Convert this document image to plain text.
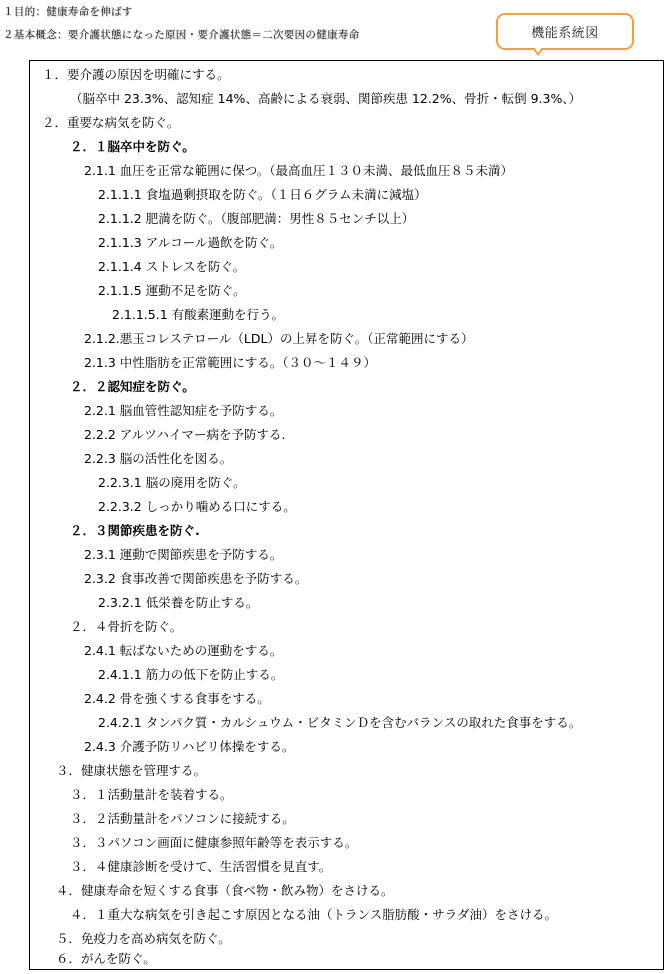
１目的：健康寿命を伸ばす
２基本概念：要介護状態になった原因・要介護状態＝二次要因の健康寿命	機能系統図
１．要介護の原因を明確にする。
（脳卒中 23.3%、認知症 14%、高齢による衰弱、関節疾患 12.2%、骨折・転倒 9.3%、）
２．重要な病気を防ぐ。
２．１脳卒中を防ぐ。
2.1.1 血圧を正常な範囲に保つ。（最高血圧１３０未満、最低血圧８５未満）
2.1.1.1 食塩過剰摂取を防ぐ。（１日６グラム未満に減塩）
2.1.1.2 肥満を防ぐ。（腹部肥満：男性８５センチ以上）
2.1.1.3 アルコール過飲を防ぐ。
2.1.1.4 ストレスを防ぐ。
2.1.1.5 運動不足を防ぐ。
2.1.1.5.1 有酸素運動を行う。
2.1.2.悪玉コレステロール（LDL）の上昇を防ぐ。（正常範囲にする）
2.1.3 中性脂肪を正常範囲にする。（３０～１４９）
２．２認知症を防ぐ。
2.2.1 脳血管性認知症を予防する。
2.2.2 アルツハイマー病を予防する.
2.2.3 脳の活性化を図る。
2.2.3.1 脳の廃用を防ぐ。
2.2.3.2 しっかり噛める口にする。
２．３関節疾患を防ぐ.
2.3.1 運動で関節疾患を予防する。
2.3.2 食事改善で関節疾患を予防する。
2.3.2.1 低栄養を防止する。
２．４骨折を防ぐ。
2.4.1 転ばないための運動をする。
2.4.1.1 筋力の低下を防止する。
2.4.2 骨を強くする食事をする。
2.4.2.1 タンパク質・カルシュウム・ビタミンＤを含むバランスの取れた食事をする。
2.4.3 介護予防リハビリ体操をする。
３．健康状態を管理する。
３．１活動量計を装着する。
３．２活動量計をパソコンに接続する。
３．３パソコン画面に健康参照年齢等を表示する。
３．４健康診断を受けて、生活習慣を見直す。
４．健康寿命を短くする食事（食べ物・飲み物）をさける。
４．１重大な病気を引き起こす原因となる油（トランス脂肪酸・サラダ油）をさける。
５．免疫力を高め病気を防ぐ。
６．がんを防ぐ。
